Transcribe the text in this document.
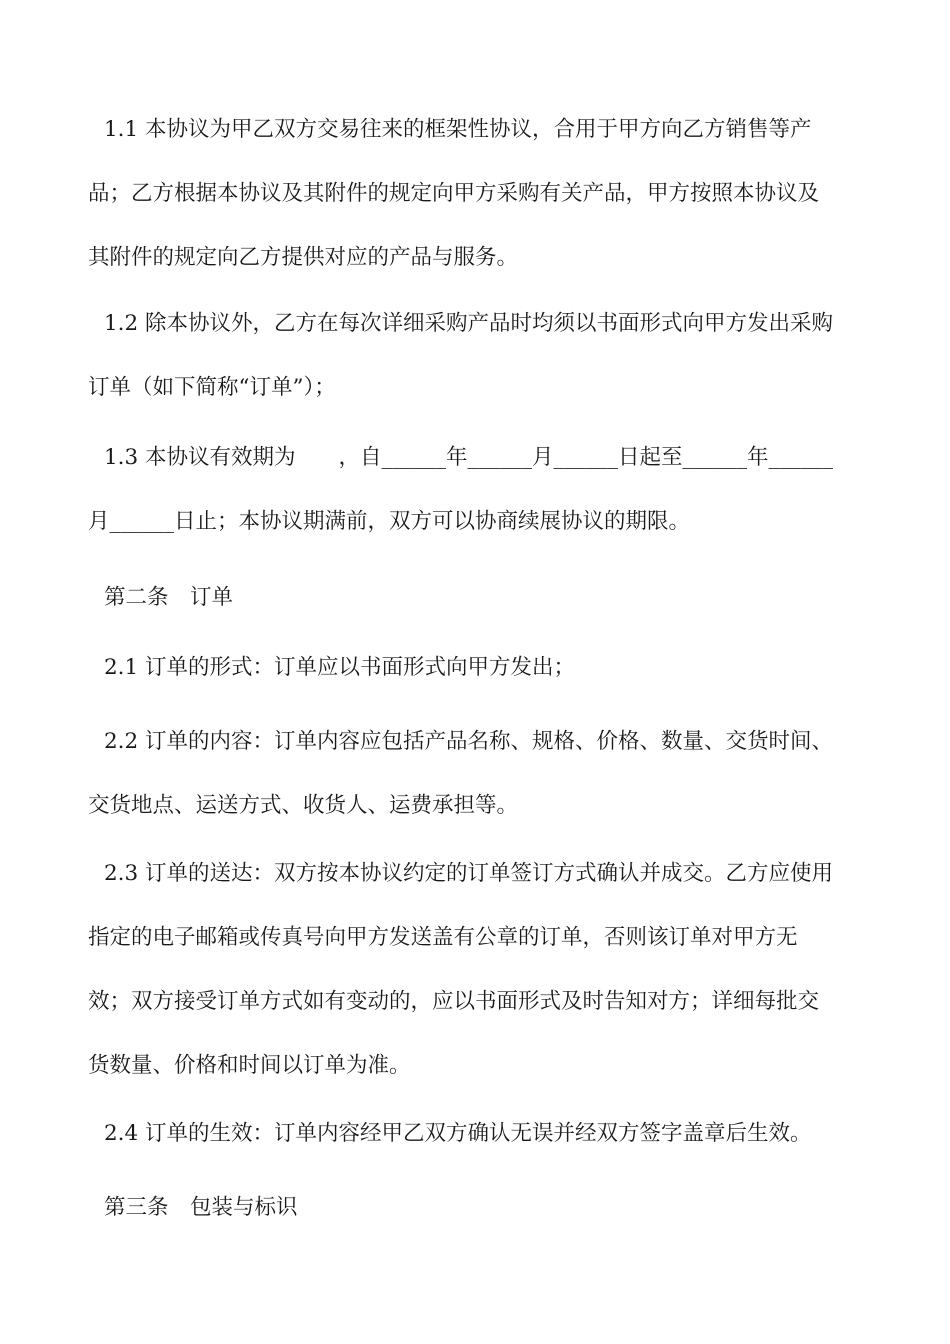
1.1 本协议为甲乙双方交易往来的框架性协议，合用于甲方向乙方销售等产
品；乙方根据本协议及其附件的规定向甲方采购有关产品，甲方按照本协议及
其附件的规定向乙方提供对应的产品与服务。

1.2 除本协议外，乙方在每次详细采购产品时均须以书面形式向甲方发出采购
订单（如下简称“订单”）；

1.3 本协议有效期为　　，自______年______月______日起至______年______
月______日止；本协议期满前，双方可以协商续展协议的期限。

第二条　订单

2.1 订单的形式：订单应以书面形式向甲方发出；

2.2 订单的内容：订单内容应包括产品名称、规格、价格、数量、交货时间、
交货地点、运送方式、收货人、运费承担等。

2.3 订单的送达：双方按本协议约定的订单签订方式确认并成交。乙方应使用
指定的电子邮箱或传真号向甲方发送盖有公章的订单，否则该订单对甲方无
效；双方接受订单方式如有变动的，应以书面形式及时告知对方；详细每批交
货数量、价格和时间以订单为准。

2.4 订单的生效：订单内容经甲乙双方确认无误并经双方签字盖章后生效。

第三条　包装与标识
